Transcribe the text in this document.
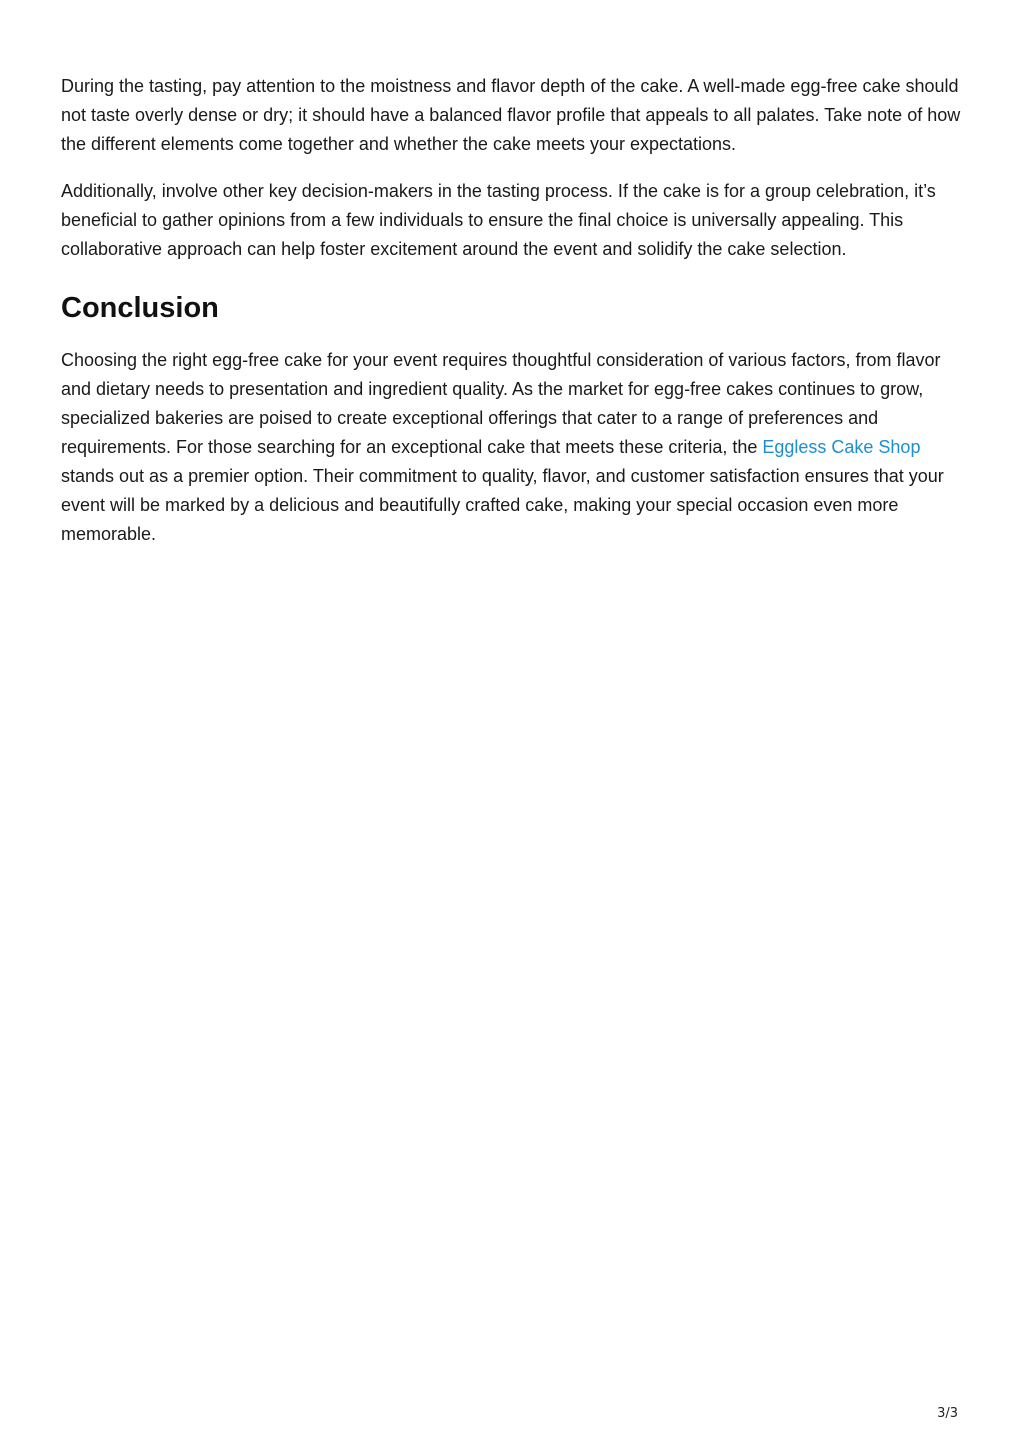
During the tasting, pay attention to the moistness and flavor depth of the cake. A well-made egg-free cake should not taste overly dense or dry; it should have a balanced flavor profile that appeals to all palates. Take note of how the different elements come together and whether the cake meets your expectations.

Additionally, involve other key decision-makers in the tasting process. If the cake is for a group celebration, it’s beneficial to gather opinions from a few individuals to ensure the final choice is universally appealing. This collaborative approach can help foster excitement around the event and solidify the cake selection.

Conclusion

Choosing the right egg-free cake for your event requires thoughtful consideration of various factors, from flavor and dietary needs to presentation and ingredient quality. As the market for egg-free cakes continues to grow, specialized bakeries are poised to create exceptional offerings that cater to a range of preferences and requirements. For those searching for an exceptional cake that meets these criteria, the Eggless Cake Shop stands out as a premier option. Their commitment to quality, flavor, and customer satisfaction ensures that your event will be marked by a delicious and beautifully crafted cake, making your special occasion even more memorable.

3/3
